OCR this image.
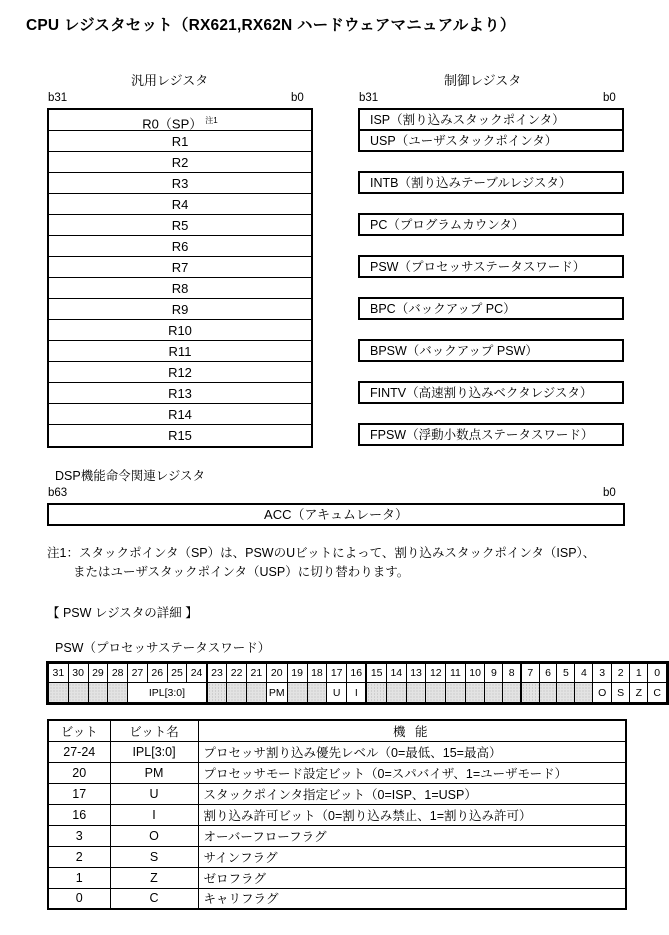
CPU レジスタセット（RX621,RX62N ハードウェアマニュアルより）
汎用レジスタ
b31	b0
R0（SP） $^{注1}$
R1
R2
R3
R4
R5
R6
R7
R8
R9
R10
R11
R12
R13
R14
R15
制御レジスタ
b31	b0
ISP（割り込みスタックポインタ）
USP（ユーザスタックポインタ）
INTB（割り込みテーブルレジスタ）
PC（プログラムカウンタ）
PSW（プロセッサステータスワード）
BPC（バックアップ PC）
BPSW（バックアップ PSW）
FINTV（高速割り込みベクタレジスタ）
FPSW（浮動小数点ステータスワード）
DSP機能命令関連レジスタ
b63	b0
ACC（アキュムレータ）
注1：スタックポインタ（SP）は、PSWのUビットによって、割り込みスタックポインタ（ISP）、
またはユーザスタックポインタ（USP）に切り替わります。
【 PSW レジスタの詳細 】
PSW（プロセッサステータスワード）
31	30	29	28	27	26	25	24	23	22	21	20	19	18	17	16	15	14	13	12	11	10	9	8	7	6	5	4	3	2	1	0
				IPL[3:0]							PM			U	I													O	S	Z	C
ビット	ビット名	機 能
27-24	IPL[3:0]	プロセッサ割り込み優先レベル（0=最低、15=最高）
20	PM	プロセッサモード設定ビット（0=スパバイザ、1=ユーザモード）
17	U	スタックポインタ指定ビット（0=ISP、1=USP）
16	I	割り込み許可ビット（0=割り込み禁止、1=割り込み許可）
3	O	オーバーフローフラグ
2	S	サインフラグ
1	Z	ゼロフラグ
0	C	キャリフラグ
